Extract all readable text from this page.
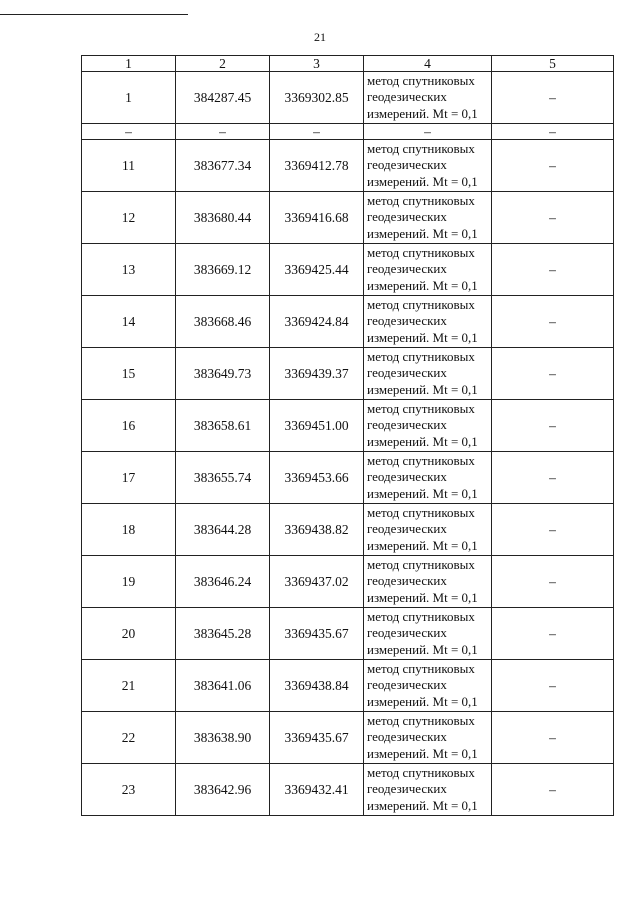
21
1	2	3	4	5
1	384287.45	3369302.85	метод спутниковых
геодезических
измерений. Mt = 0,1	–
–	–	–	–	–
11	383677.34	3369412.78	метод спутниковых
геодезических
измерений. Mt = 0,1	–
12	383680.44	3369416.68	метод спутниковых
геодезических
измерений. Mt = 0,1	–
13	383669.12	3369425.44	метод спутниковых
геодезических
измерений. Mt = 0,1	–
14	383668.46	3369424.84	метод спутниковых
геодезических
измерений. Mt = 0,1	–
15	383649.73	3369439.37	метод спутниковых
геодезических
измерений. Mt = 0,1	–
16	383658.61	3369451.00	метод спутниковых
геодезических
измерений. Mt = 0,1	–
17	383655.74	3369453.66	метод спутниковых
геодезических
измерений. Mt = 0,1	–
18	383644.28	3369438.82	метод спутниковых
геодезических
измерений. Mt = 0,1	–
19	383646.24	3369437.02	метод спутниковых
геодезических
измерений. Mt = 0,1	–
20	383645.28	3369435.67	метод спутниковых
геодезических
измерений. Mt = 0,1	–
21	383641.06	3369438.84	метод спутниковых
геодезических
измерений. Mt = 0,1	–
22	383638.90	3369435.67	метод спутниковых
геодезических
измерений. Mt = 0,1	–
23	383642.96	3369432.41	метод спутниковых
геодезических
измерений. Mt = 0,1	–
